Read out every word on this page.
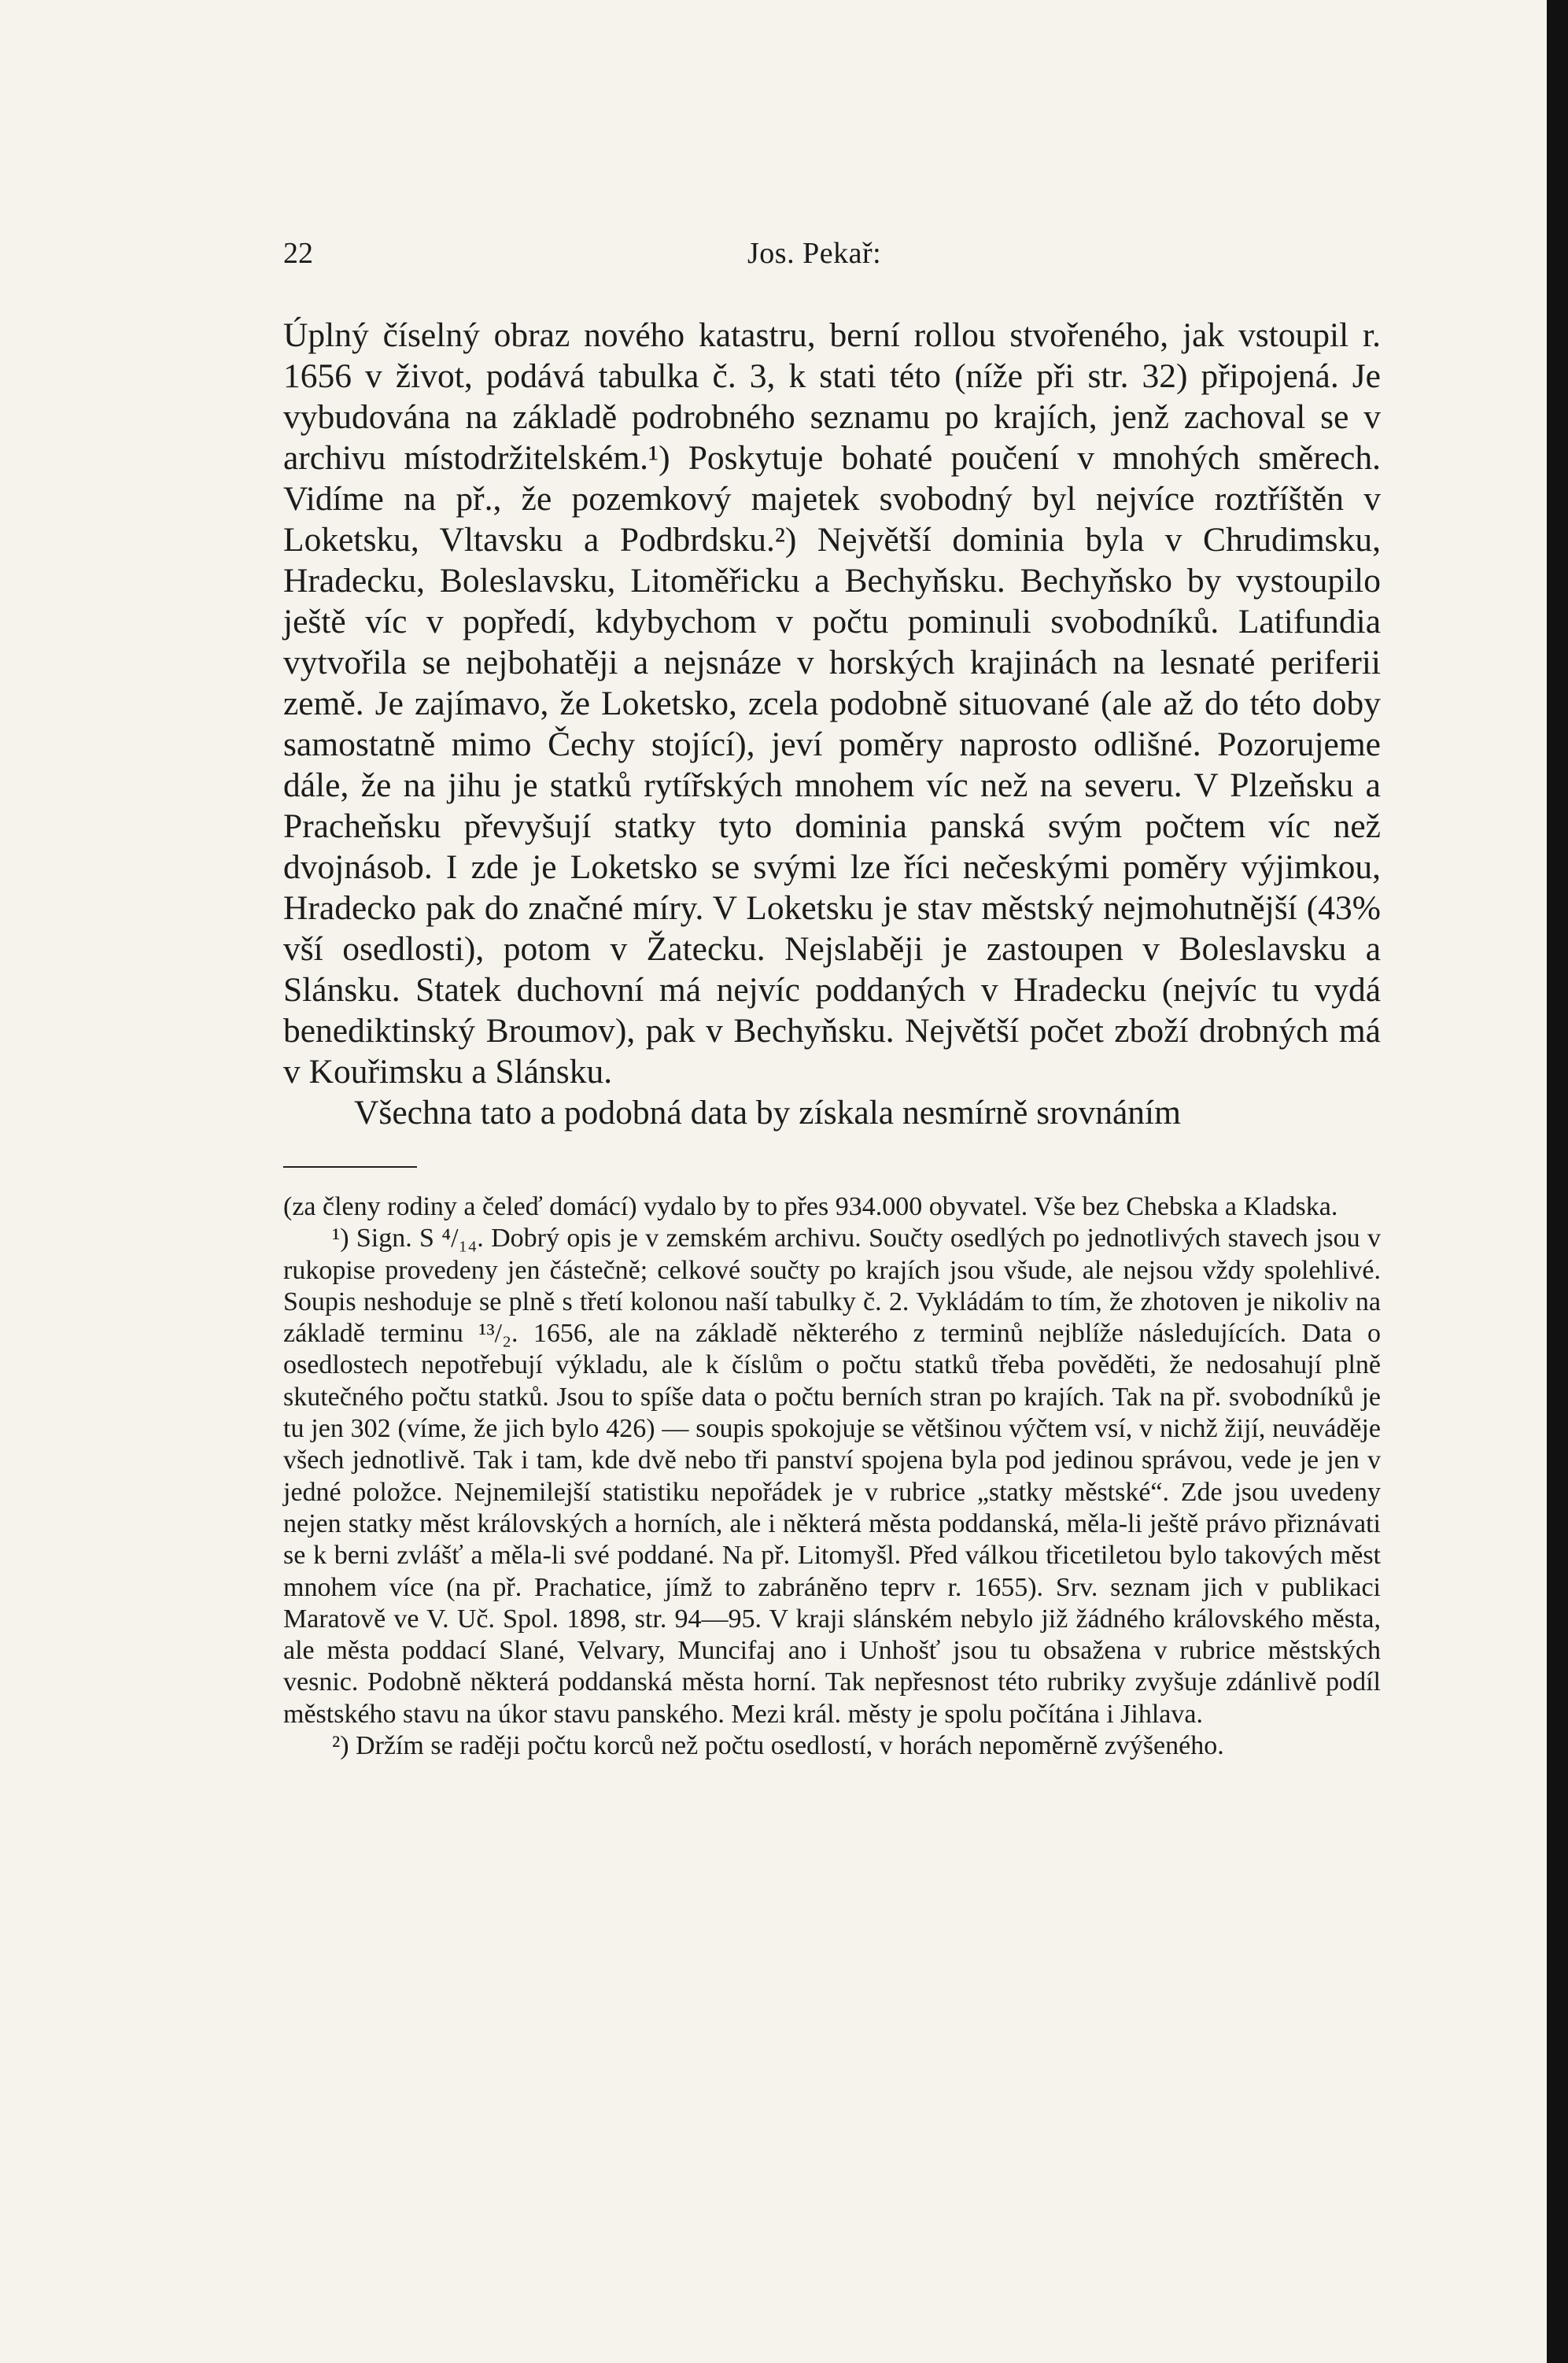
22	Jos. Pekař:

Úplný číselný obraz nového katastru, berní rollou stvořeného, jak vstoupil r. 1656 v život, podává tabulka č. 3, k stati této (níže při str. 32) připojená. Je vybudována na základě podrobného seznamu po krajích, jenž zachoval se v archivu místodržitelském.¹) Poskytuje bohaté poučení v mnohých směrech. Vidíme na př., že pozemkový majetek svobodný byl nejvíce roztříštěn v Loketsku, Vltavsku a Podbrdsku.²) Největší dominia byla v Chrudimsku, Hradecku, Boleslavsku, Litoměřicku a Bechyňsku. Bechyňsko by vystoupilo ještě víc v popředí, kdybychom v počtu pominuli svobodníků. Latifundia vytvořila se nejbohatěji a nejsnáze v horských krajinách na lesnaté periferii země. Je zajímavo, že Loketsko, zcela podobně situované (ale až do této doby samostatně mimo Čechy stojící), jeví poměry naprosto odlišné. Pozorujeme dále, že na jihu je statků rytířských mnohem víc než na severu. V Plzeňsku a Pracheňsku převyšují statky tyto dominia panská svým počtem víc než dvojnásob. I zde je Loketsko se svými lze říci nečeskými poměry výjimkou, Hradecko pak do značné míry. V Loketsku je stav městský nejmohutnější (43% vší osedlosti), potom v Žatecku. Nejslaběji je zastoupen v Boleslavsku a Slánsku. Statek duchovní má nejvíc poddaných v Hradecku (nejvíc tu vydá benediktinský Broumov), pak v Bechyňsku. Největší počet zboží drobných má v Kouřimsku a Slánsku.

Všechna tato a podobná data by získala nesmírně srovnáním

(za členy rodiny a čeleď domácí) vydalo by to přes 934.000 obyvatel. Vše bez Chebska a Kladska.

¹) Sign. S ⁴/₁₄. Dobrý opis je v zemském archivu. Součty osedlých po jednotlivých stavech jsou v rukopise provedeny jen částečně; celkové součty po krajích jsou všude, ale nejsou vždy spolehlivé. Soupis neshoduje se plně s třetí kolonou naší tabulky č. 2. Vykládám to tím, že zhotoven je nikoliv na základě terminu ¹³/₂. 1656, ale na základě některého z terminů nejblíže následujících. Data o osedlostech nepotřebují výkladu, ale k číslům o počtu statků třeba pověděti, že nedosahují plně skutečného počtu statků. Jsou to spíše data o počtu berních stran po krajích. Tak na př. svobodníků je tu jen 302 (víme, že jich bylo 426) — soupis spokojuje se většinou výčtem vsí, v nichž žijí, neuváděje všech jednotlivě. Tak i tam, kde dvě nebo tři panství spojena byla pod jedinou správou, vede je jen v jedné položce. Nejnemilejší statistiku nepořádek je v rubrice „statky městské“. Zde jsou uvedeny nejen statky měst královských a horních, ale i některá města poddanská, měla-li ještě právo přiznávati se k berni zvlášť a měla-li své poddané. Na př. Litomyšl. Před válkou třicetiletou bylo takových měst mnohem více (na př. Prachatice, jímž to zabráněno teprv r. 1655). Srv. seznam jich v publikaci Maratově ve V. Uč. Spol. 1898, str. 94—95. V kraji slánském nebylo již žádného královského města, ale města poddací Slané, Velvary, Muncifaj ano i Unhošť jsou tu obsažena v rubrice městských vesnic. Podobně některá poddanská města horní. Tak nepřesnost této rubriky zvyšuje zdánlivě podíl městského stavu na úkor stavu panského. Mezi král. městy je spolu počítána i Jihlava.

²) Držím se raději počtu korců než počtu osedlostí, v horách nepoměrně zvýšeného.
